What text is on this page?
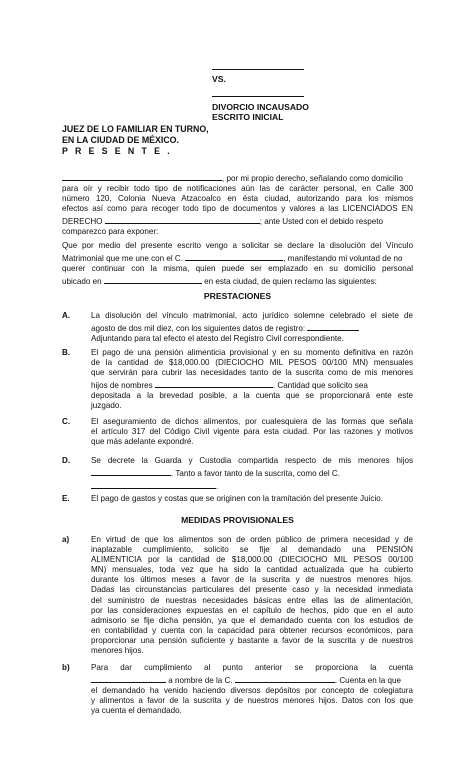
VS.
DIVORCIO INCAUSADO
ESCRITO INICIAL
JUEZ DE LO FAMILIAR EN TURNO,
EN LA CIUDAD DE MÉXICO.
P R E S E N T E .
, por mi propio derecho, señalando como domicilio
para oír y recibir todo tipo de notificaciones aún las de carácter personal, en Calle 300
número 120, Colonia Nueva Atzacoalco en ésta ciudad, autorizando para los mismos
efectos así como para recoger todo tipo de documentos y valores a las LICENCIADOS EN
DERECHO	; ante Usted con el debido respeto
comparezco para exponer:
Que por medio del presente escrito vengo a solicitar se declare la disolución del Vínculo
Matrimonial que me une con el C.	, manifestando mi voluntad de no
querer continuar con la misma, quien puede ser emplazado en su domicilio personal
ubicado en	en esta ciudad, de quien reclamo las siguientes:
PRESTACIONES
A.	La disolución del vínculo matrimonial, acto jurídico solemne celebrado el siete de
agosto de dos mil diez, con los siguientes datos de registro:
Adjuntando para tal efecto el atesto del Registro Civil correspondiente.
B.	El pago de una pensión alimenticia provisional y en su momento definitiva en razón
de la cantidad de $18,000.00 (DIECIOCHO MIL PESOS 00/100 MN) mensuales
que servirán para cubrir las necesidades tanto de la suscrita como de mis menores
hijos de nombres	. Cantidad que solicito sea
depositada a la brevedad posible, a la cuenta que se proporcionará ente este
juzgado.
C.	El aseguramiento de dichos alimentos, por cualesquiera de las formas que señala
el artículo 317 del Código Civil vigente para esta ciudad. Por las razones y motivos
que más adelante expondré.
D.	Se decrete la Guarda y Custodia compartida respecto de mis menores hijos
. Tanto a favor tanto de la suscrita, como del C.
.
E.	El pago de gastos y costas que se originen con la tramitación del presente Juicio.
MEDIDAS PROVISIONALES
a)	En virtud de que los alimentos son de orden público de primera necesidad y de
inaplazable cumplimiento, solicito se fije al demandado una PENSIÓN
ALIMENTICIA por la cantidad de $18,000.00 (DIECIOCHO MIL PESOS 00/100
MN) mensuales, toda vez que ha sido la cantidad actualizada que ha cubierto
durante los últimos meses a favor de la suscrita y de nuestros menores hijos.
Dadas las circunstancias particulares del presente caso y la necesidad inmediata
del suministro de nuestras necesidades básicas entre ellas las de alimentación,
por las consideraciones expuestas en el capítulo de hechos, pido que en el auto
admisorio se fije dicha pensión, ya que el demandado cuenta con los estudios de
en contabilidad y cuenta con la capacidad para obtener recursos económicos, para
proporcionar una pensión suficiente y bastante a favor de la suscrita y de nuestros
menores hijos.
b)	Para dar cumplimiento al punto anterior se proporciona la cuenta
a nombre de la C.	. Cuenta en la que
el demandado ha venido haciendo diversos depósitos por concepto de colegiatura
y alimentos a favor de la suscrita y de nuestros menores hijos. Datos con los que
ya cuenta el demandado.
